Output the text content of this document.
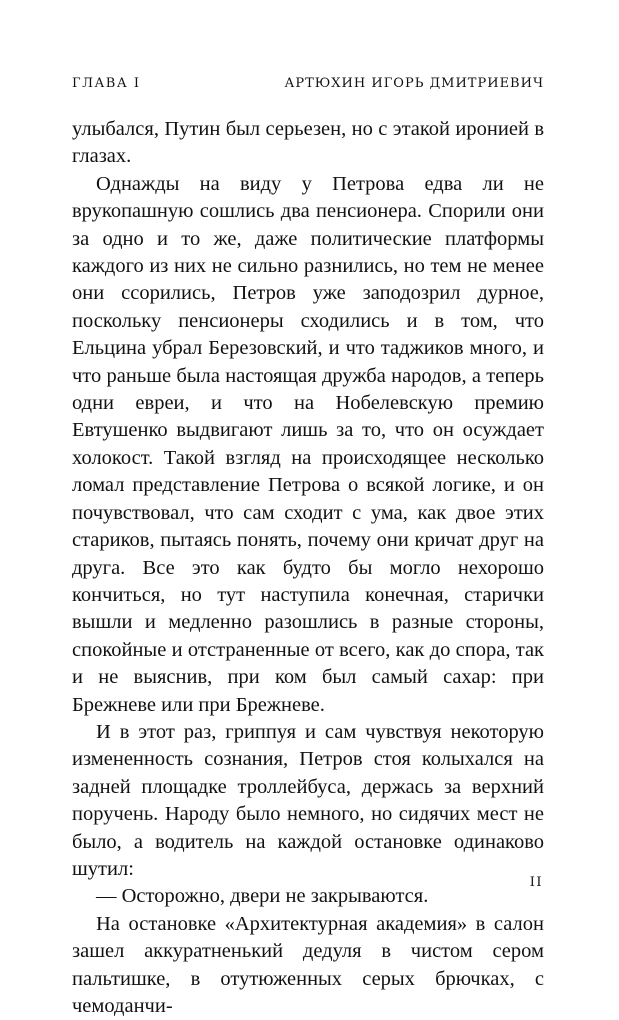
ГЛАВА I	АРТЮХИН ИГОРЬ ДМИТРИЕВИЧ

улыбался, Путин был серьезен, но с этакой иронией в глазах.

Однажды на виду у Петрова едва ли не врукопашную сошлись два пенсионера. Спорили они за одно и то же, даже политические платформы каждого из них не сильно разнились, но тем не менее они ссорились, Петров уже заподозрил дурное, поскольку пенсионеры сходились и в том, что Ельцина убрал Березовский, и что таджиков много, и что раньше была настоящая дружба народов, а теперь одни евреи, и что на Нобелевскую премию Евтушенко выдвигают лишь за то, что он осуждает холокост. Такой взгляд на происходящее несколько ломал представление Петрова о всякой логике, и он почувствовал, что сам сходит с ума, как двое этих стариков, пытаясь понять, почему они кричат друг на друга. Все это как будто бы могло нехорошо кончиться, но тут наступила конечная, старички вышли и медленно разошлись в разные стороны, спокойные и отстраненные от всего, как до спора, так и не выяснив, при ком был самый сахар: при Брежневе или при Брежневе.

И в этот раз, гриппуя и сам чувствуя некоторую измененность сознания, Петров стоя колыхался на задней площадке троллейбуса, держась за верхний поручень. Народу было немного, но сидячих мест не было, а водитель на каждой остановке одинаково шутил:

— Осторожно, двери не закрываются.

На остановке «Архитектурная академия» в салон зашел аккуратненький дедуля в чистом сером пальтишке, в отутюженных серых брючках, с чемоданчи-

II
